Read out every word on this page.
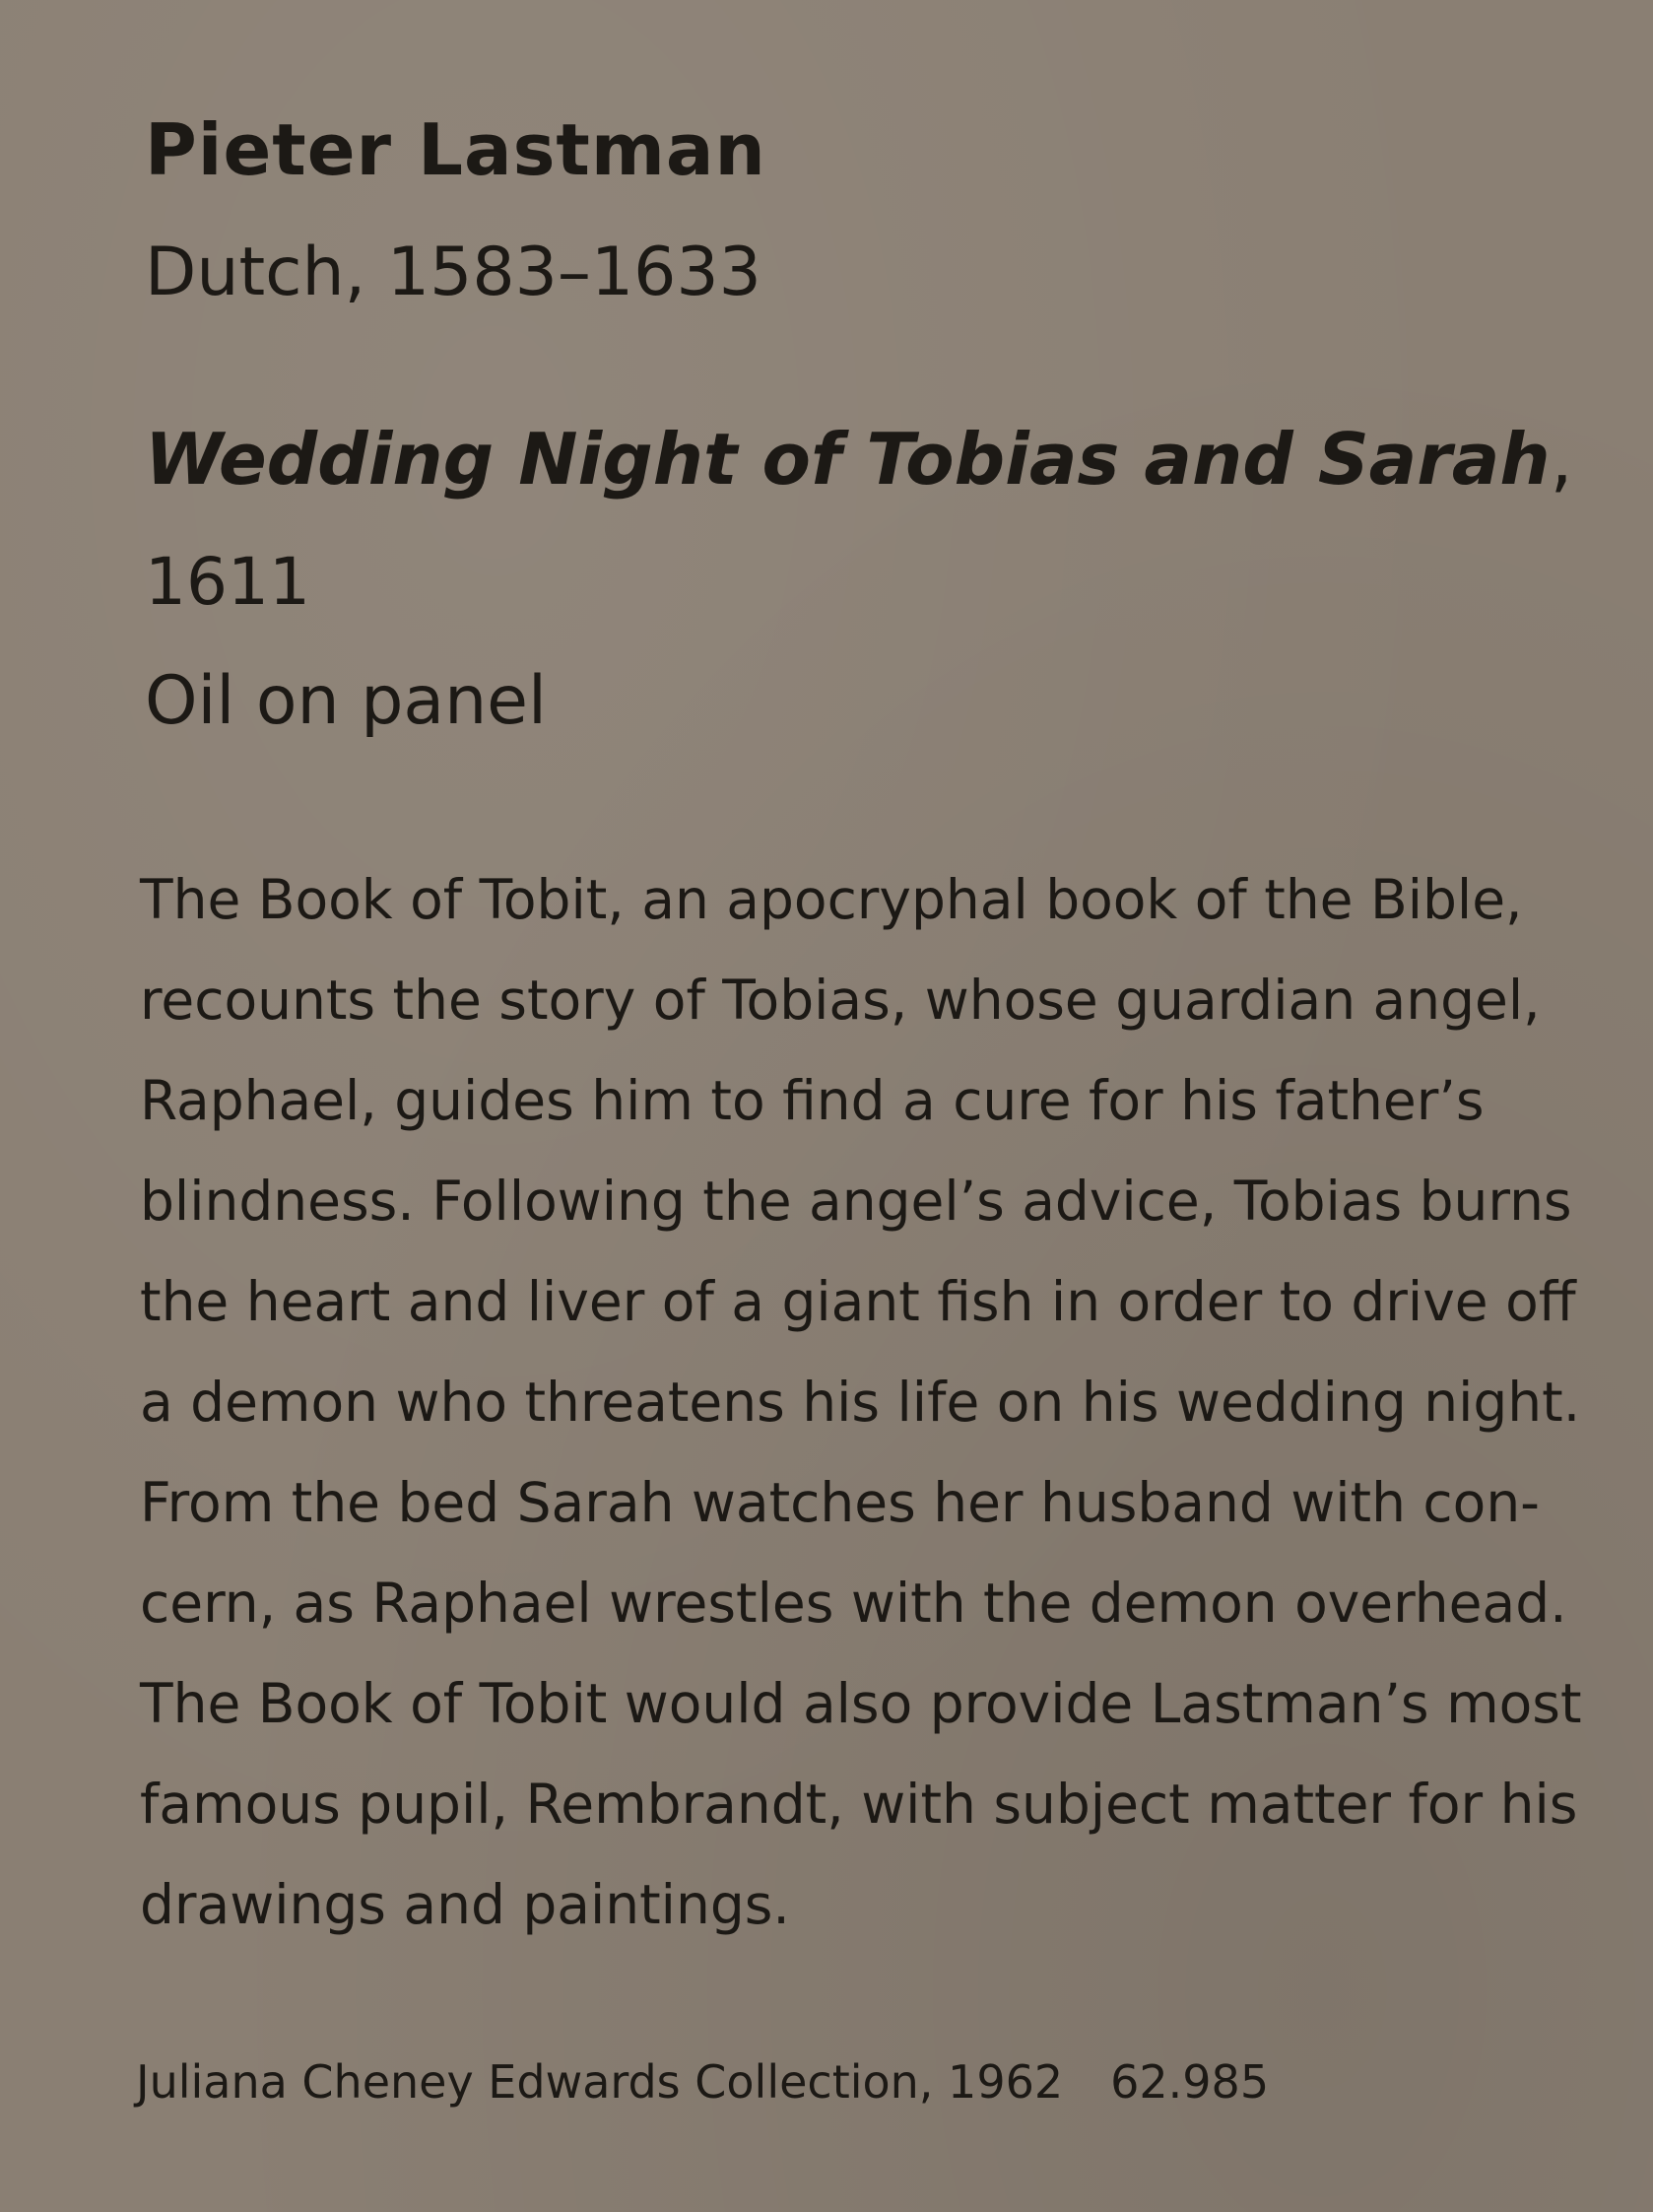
Pieter Lastman
Dutch, 1583–1633
Wedding Night of Tobias and Sarah,
1611
Oil on panel
The Book of Tobit, an apocryphal book of the Bible,
recounts the story of Tobias, whose guardian angel,
Raphael, guides him to find a cure for his father’s
blindness. Following the angel’s advice, Tobias burns
the heart and liver of a giant fish in order to drive off
a demon who threatens his life on his wedding night.
From the bed Sarah watches her husband with con-
cern, as Raphael wrestles with the demon overhead.
The Book of Tobit would also provide Lastman’s most
famous pupil, Rembrandt, with subject matter for his
drawings and paintings.
Juliana Cheney Edwards Collection, 1962 62.985
